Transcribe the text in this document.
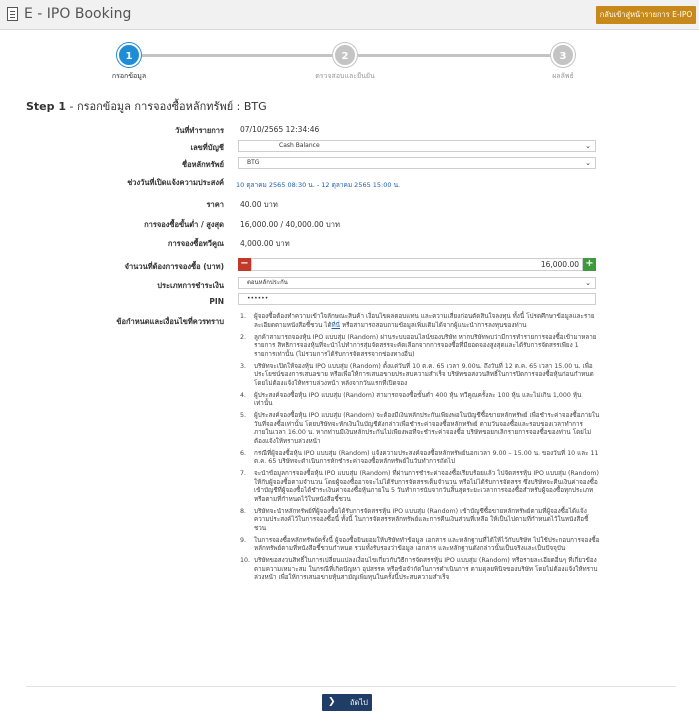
E - IPO Booking	กลับเข้าสู่หน้ารายการ E-IPO
1	2	3
กรอกข้อมูล	ตรวจสอบและยืนยัน	ผลลัพธ์
Step 1 - กรอกข้อมูล การจองซื้อหลักทรัพย์ : BTG
วันที่ทำรายการ 07/10/2565 12:34:46
เลขที่บัญชี	Cash Balance	⌄
ชื่อหลักทรัพย์	BTG	⌄
ช่วงวันที่เปิดแจ้งความประสงค์ 10 ตุลาคม 2565 08:30 น. - 12 ตุลาคม 2565 15:00 น.
ราคา 40.00 บาท
การจองซื้อขั้นต่ำ / สูงสุด 16,000.00 / 40,000.00 บาท
การจองซื้อทวีคูณ 4,000.00 บาท
จำนวนที่ต้องการจองซื้อ (บาท) −	16,000.00 +
ประเภทการชำระเงิน	ตอนหลักประกัน	⌄
PIN	••••••
ข้อกำหนดและเงื่อนไขที่ควรทราบ
1. ผู้จองซื้อต้องทำความเข้าใจลักษณะสินค้า เงื่อนไขผลตอบแทน และความเสี่ยงก่อนตัดสินใจลงทุน ทั้งนี้ โปรดศึกษาข้อมูลและรายละเอียดตามหนังสือชี้ชวน ได้ที่นี่ หรือสามารถสอบถามข้อมูลเพิ่มเติมได้จากผู้แนะนำการลงทุนของท่าน
2. ลูกค้าสามารถจองหุ้น IPO แบบสุ่ม (Random) ผ่านระบบออนไลน์ของบริษัท หากบริษัทพบว่ามีการทำรายการจองซื้อเข้ามาหลายรายการ สิทธิการจองหุ้นที่จะนำไปทำการสุ่มจัดสรรจะคัดเลือกจากการจองซื้อที่มียอดจองสูงสุดและได้รับการจัดสรรเพียง 1 รายการเท่านั้น (ไม่รวมการได้รับการจัดสรรจากช่องทางอื่น)
3. บริษัทจะเปิดให้จองหุ้น IPO แบบสุ่ม (Random) ตั้งแต่วันที่ 10 ต.ค. 65 เวลา 9.00น. ถึงวันที่ 12 ต.ค. 65 เวลา 15.00 น. เพื่อประโยชน์ของการเสนอขาย หรือเพื่อให้การเสนอขายประสบความสำเร็จ บริษัทขอสงวนสิทธิ์ในการปิดการจองซื้อหุ้นก่อนกำหนด โดยไม่ต้องแจ้งให้ทราบล่วงหน้า หลังจากวันแรกที่เปิดจอง
4. ผู้ประสงค์จองซื้อหุ้น IPO แบบสุ่ม (Random) สามารถจองซื้อขั้นต่ำ 400 หุ้น ทวีคูณครั้งละ 100 หุ้น และไม่เกิน 1,000 หุ้น เท่านั้น
5. ผู้ประสงค์จองซื้อหุ้น IPO แบบสุ่ม (Random) จะต้องมีเงินหลักประกันเพียงพอในบัญชีซื้อขายหลักทรัพย์ เพื่อชำระค่าจองซื้อภายในวันที่จองซื้อเท่านั้น โดยบริษัทจะหักเงินในบัญชีดังกล่าวเพื่อชำระค่าจองซื้อหลักทรัพย์ ตามวันจองซื้อและรอบของเวลาทำการภายในเวลา 16.00 น. หากท่านมีเงินหลักประกันไม่เพียงพอที่จะชำระค่าจองซื้อ บริษัทขอยกเลิกรายการจองซื้อของท่าน โดยไม่ต้องแจ้งให้ทราบล่วงหน้า
6. กรณีที่ผู้จองซื้อหุ้น IPO แบบสุ่ม (Random) แจ้งความประสงค์จองซื้อหลักทรัพย์นอกเวลา 9.00 – 15.00 น. ของวันที่ 10 และ 11 ต.ค. 65 บริษัทจะดำเนินการหักชำระค่าจองซื้อหลักทรัพย์ในวันทำการถัดไป
7. จะนำข้อมูลการจองซื้อหุ้น IPO แบบสุ่ม (Random) ที่ผ่านการชำระค่าจองซื้อเรียบร้อยแล้ว ไปจัดสรรหุ้น IPO แบบสุ่ม (Random) ให้กับผู้จองซื้อตามจำนวน โดยผู้จองซื้ออาจจะไม่ได้รับการจัดสรรเต็มจำนวน หรือไม่ได้รับการจัดสรร ซึ่งบริษัทจะคืนเงินค่าจองซื้อเข้าบัญชีที่ผู้จองซื้อได้ชำระเงินค่าจองซื้อหุ้นภายใน 5 วันทำการนับจากวันสิ้นสุดระยะเวลาการจองซื้อสำหรับผู้จองซื้อทุกประเภท หรือตามที่กำหนดไว้ในหนังสือชี้ชวน
8. บริษัทจะนำหลักทรัพย์ที่ผู้จองซื้อได้รับการจัดสรรหุ้น IPO แบบสุ่ม (Random) เข้าบัญชีซื้อขายหลักทรัพย์ตามที่ผู้จองซื้อได้แจ้งความประสงค์ไว้ในการจองซื้อนี้ ทั้งนี้ ในการจัดสรรหลักทรัพย์และการคืนเงินส่วนที่เหลือ ให้เป็นไปตามที่กำหนดไว้ในหนังสือชี้ชวน
9. ในการจองซื้อหลักทรัพย์ครั้งนี้ ผู้จองซื้อยินยอมให้บริษัททำข้อมูล เอกสาร และหลักฐานที่ได้ให้ไว้กับบริษัท ไปใช้ประกอบการจองซื้อหลักทรัพย์ตามที่หนังสือชี้ชวนกำหนด รวมทั้งรับรองว่าข้อมูล เอกสาร และหลักฐานดังกล่าวนั้นเป็นจริงและเป็นปัจจุบัน
10. บริษัทขอสงวนสิทธิ์ในการเปลี่ยนแปลงเงื่อนไขเกี่ยวกับวิธีการจัดสรรหุ้น IPO แบบสุ่ม (Random) หรือรายละเอียดอื่นๆ ที่เกี่ยวข้อง ตามความเหมาะสม ในกรณีที่เกิดปัญหา อุปสรรค หรือข้อจำกัดในการดำเนินการ ตามดุลยพินิจของบริษัท โดยไม่ต้องแจ้งให้ทราบล่วงหน้า เพื่อให้การเสนอขายหุ้นสามัญเพิ่มทุนในครั้งนี้ประสบความสำเร็จ
❯ ถัดไป
